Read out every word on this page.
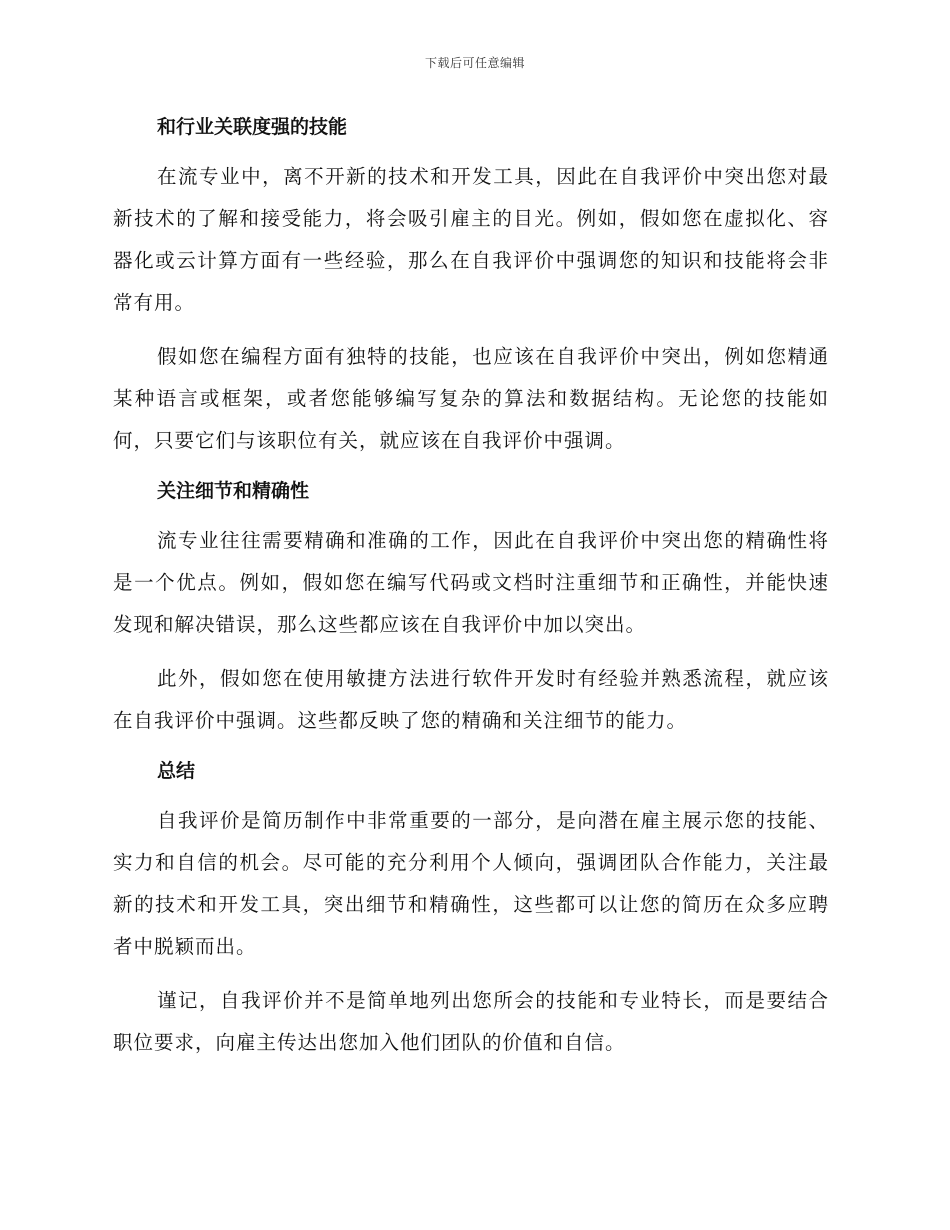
下载后可任意编辑
和行业关联度强的技能

在流专业中，离不开新的技术和开发工具，因此在自我评价中突出您对最新技术的了解和接受能力，将会吸引雇主的目光。例如，假如您在虚拟化、容器化或云计算方面有一些经验，那么在自我评价中强调您的知识和技能将会非常有用。

假如您在编程方面有独特的技能，也应该在自我评价中突出，例如您精通某种语言或框架，或者您能够编写复杂的算法和数据结构。无论您的技能如何，只要它们与该职位有关，就应该在自我评价中强调。

关注细节和精确性

流专业往往需要精确和准确的工作，因此在自我评价中突出您的精确性将是一个优点。例如，假如您在编写代码或文档时注重细节和正确性，并能快速发现和解决错误，那么这些都应该在自我评价中加以突出。

此外，假如您在使用敏捷方法进行软件开发时有经验并熟悉流程，就应该在自我评价中强调。这些都反映了您的精确和关注细节的能力。

总结

自我评价是简历制作中非常重要的一部分，是向潜在雇主展示您的技能、实力和自信的机会。尽可能的充分利用个人倾向，强调团队合作能力，关注最新的技术和开发工具，突出细节和精确性，这些都可以让您的简历在众多应聘者中脱颖而出。

谨记，自我评价并不是简单地列出您所会的技能和专业特长，而是要结合职位要求，向雇主传达出您加入他们团队的价值和自信。
